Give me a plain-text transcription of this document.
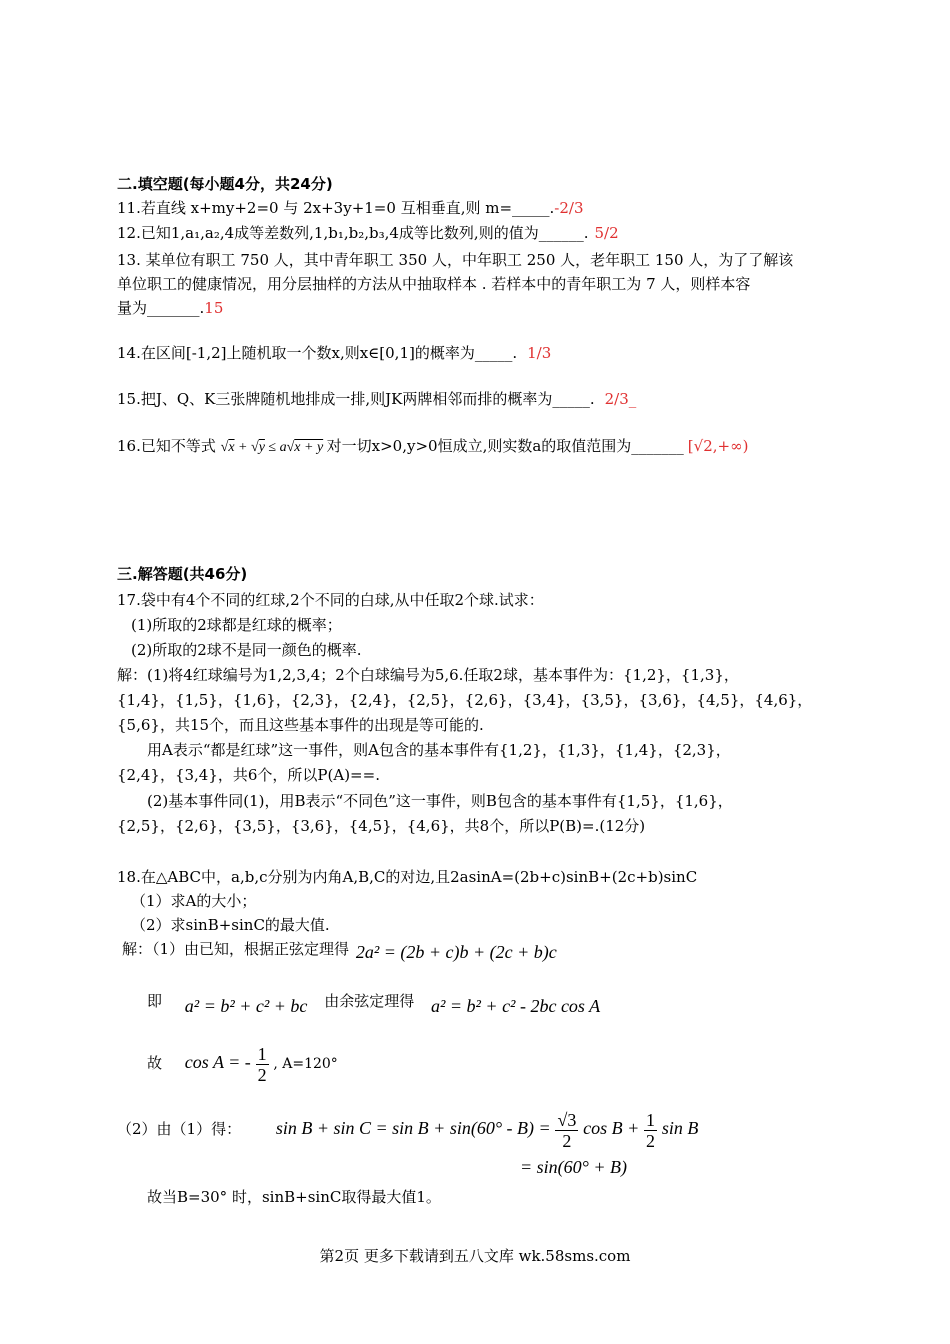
二.填空题(每小题4分，共24分)
11.若直线 x+my+2=0 与 2x+3y+1=0 互相垂直,则 m=_____.-2/3
12.已知1,a₁,a₂,4成等差数列,1,b₁,b₂,b₃,4成等比数列,则的值为______. 5/2
13. 某单位有职工 750 人，其中青年职工 350 人，中年职工 250 人，老年职工 150 人，为了了解该
单位职工的健康情况，用分层抽样的方法从中抽取样本 . 若样本中的青年职工为 7 人，则样本容
量为_______.15
14.在区间[-1,2]上随机取一个数x,则x∈[0,1]的概率为_____. 1/3
15.把J、Q、K三张牌随机地排成一排,则JK两牌相邻而排的概率为_____. 2/3_
16.已知不等式 √x + √y ≤ a√x + y 对一切x>0,y>0恒成立,则实数a的取值范围为_______ [√2,+∞)
三.解答题(共46分)
17.袋中有4个不同的红球,2个不同的白球,从中任取2个球.试求：
(1)所取的2球都是红球的概率；
(2)所取的2球不是同一颜色的概率.
解：(1)将4红球编号为1,2,3,4；2个白球编号为5,6.任取2球，基本事件为：{1,2}，{1,3}，
{1,4}，{1,5}，{1,6}，{2,3}，{2,4}，{2,5}，{2,6}，{3,4}，{3,5}，{3,6}，{4,5}，{4,6}，
{5,6}，共15个，而且这些基本事件的出现是等可能的.
用A表示“都是红球”这一事件，则A包含的基本事件有{1,2}，{1,3}，{1,4}，{2,3}，
{2,4}，{3,4}，共6个，所以P(A)==.
(2)基本事件同(1)，用B表示“不同色”这一事件，则B包含的基本事件有{1,5}，{1,6}，
{2,5}，{2,6}，{3,5}，{3,6}，{4,5}，{4,6}，共8个，所以P(B)=.(12分)
18.在△ABC中，a,b,c分别为内角A,B,C的对边,且2asinA=(2b+c)sinB+(2c+b)sinC
（1）求A的大小；
（2）求sinB+sinC的最大值.
解：（1）由已知，根据正弦定理得 2a² = (2b + c)b + (2c + b)c
即 a² = b² + c² + bc 由余弦定理得 a² = b² + c² - 2bc cos A
故 cos A = - $\frac{1}{2}$ , A=120°
（2）由（1）得： $\sin B + \sin C = \sin B + \sin(60^\circ - B) = \frac{√3}{2}$ $\cos B + \frac{1}{2}$ sin B
= sin(60° + B)
故当B=30° 时，sinB+sinC取得最大值1。
第2页 更多下载请到五八文库 wk.58sms.com
